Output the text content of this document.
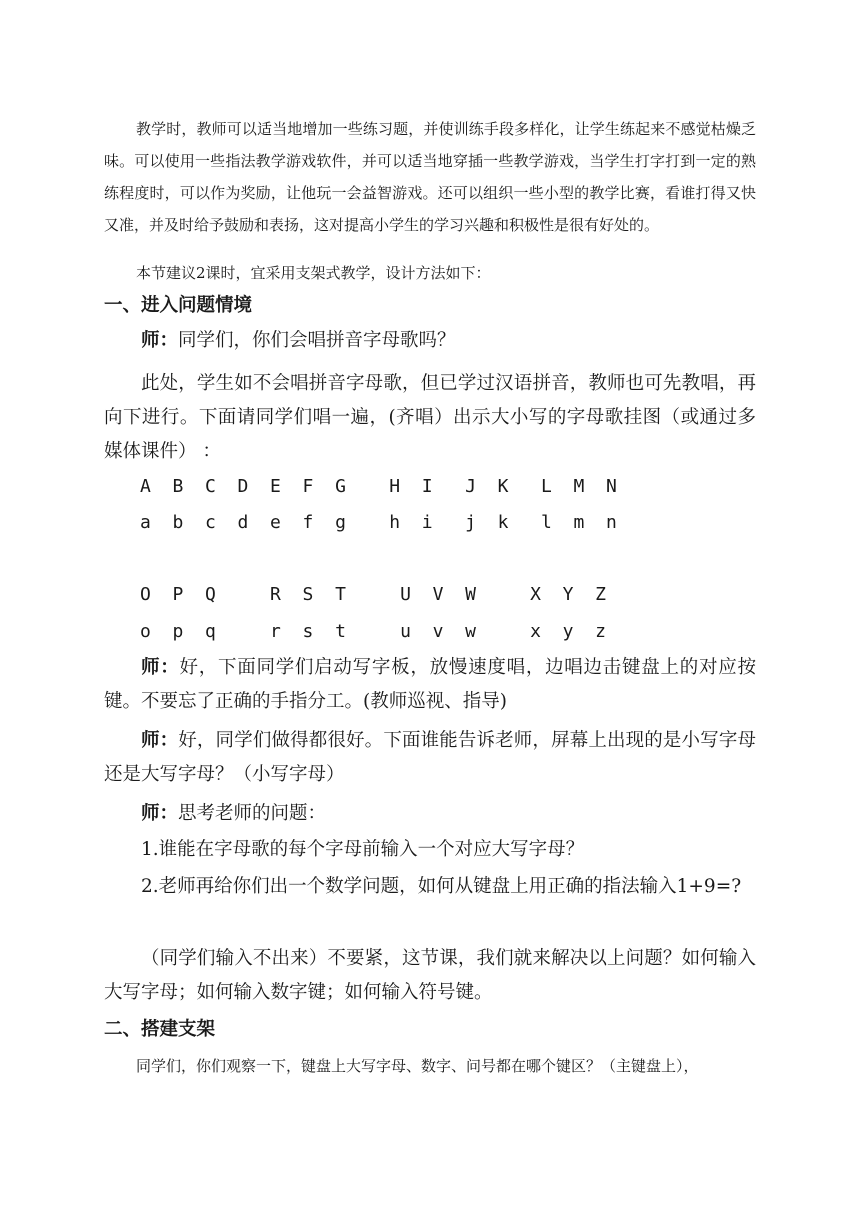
教学时，教师可以适当地增加一些练习题，并使训练手段多样化，让学生练起来不感觉枯燥乏味。可以使用一些指法教学游戏软件，并可以适当地穿插一些教学游戏，当学生打字打到一定的熟练程度时，可以作为奖励，让他玩一会益智游戏。还可以组织一些小型的教学比赛，看谁打得又快又准，并及时给予鼓励和表扬，这对提高小学生的学习兴趣和积极性是很有好处的。

本节建议2课时，宜采用支架式教学，设计方法如下：

一、进入问题情境

师：同学们，你们会唱拼音字母歌吗？

此处，学生如不会唱拼音字母歌，但已学过汉语拼音，教师也可先教唱，再向下进行。下面请同学们唱一遍，(齐唱）出示大小写的字母歌挂图（或通过多媒体课件） ：

A  B  C  D  E  F  G    H  I   J  K   L  M  N
a  b  c  d  e  f  g    h  i   j  k   l  m  n
O  P  Q     R  S  T     U  V  W     X  Y  Z
o  p  q     r  s  t     u  v  w     x  y  z

师：好，下面同学们启动写字板，放慢速度唱，边唱边击键盘上的对应按键。不要忘了正确的手指分工。(教师巡视、指导)

师：好，同学们做得都很好。下面谁能告诉老师，屏幕上出现的是小写字母还是大写字母？（小写字母）

师：思考老师的问题：

1.谁能在字母歌的每个字母前输入一个对应大写字母？

2.老师再给你们出一个数学问题，如何从键盘上用正确的指法输入1+9=?

（同学们输入不出来）不要紧，这节课，我们就来解决以上问题？如何输入大写字母；如何输入数字键；如何输入符号键。

二、搭建支架

同学们，你们观察一下，键盘上大写字母、数字、问号都在哪个键区？（主键盘上），
